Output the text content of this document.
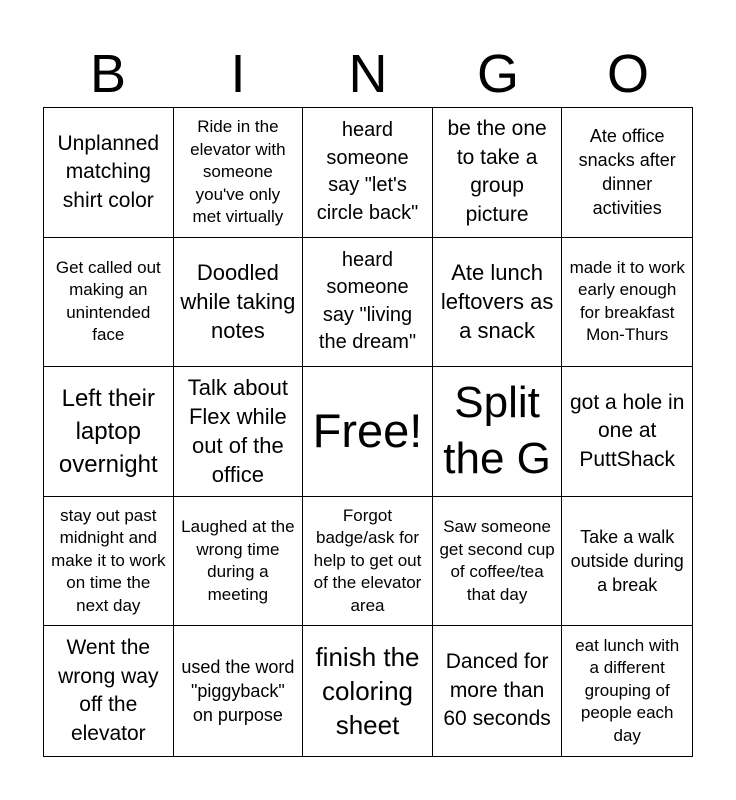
B	I	N	G	O
Unplanned matching shirt color
Ride in the elevator with someone you've only met virtually
heard someone say "let's circle back"
be the one to take a group picture
Ate office snacks after dinner activities
Get called out making an unintended face
Doodled while taking notes
heard someone say "living the dream"
Ate lunch leftovers as a snack
made it to work early enough for breakfast Mon-Thurs
Left their laptop overnight
Talk about Flex while out of the office
Free!
Split the G
got a hole in one at PuttShack
stay out past midnight and make it to work on time the next day
Laughed at the wrong time during a meeting
Forgot badge/ask for help to get out of the elevator area
Saw someone get second cup of coffee/tea that day
Take a walk outside during a break
Went the wrong way off the elevator
used the word "piggyback" on purpose
finish the coloring sheet
Danced for more than 60 seconds
eat lunch with a different grouping of people each day
